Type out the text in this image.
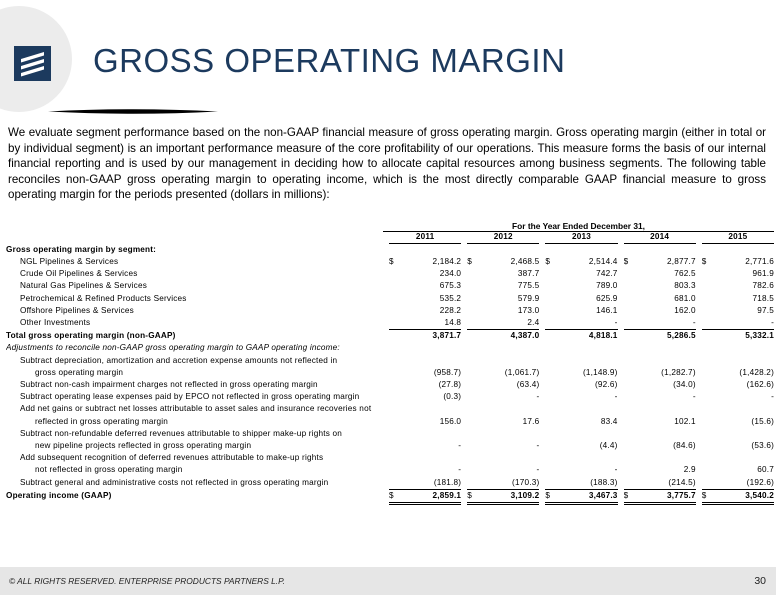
GROSS OPERATING MARGIN
We evaluate segment performance based on the non-GAAP financial measure of gross operating margin. Gross operating margin (either in total or by individual segment) is an important performance measure of the core profitability of our operations. This measure forms the basis of our internal financial reporting and is used by our management in deciding how to allocate capital resources among business segments. The following table reconciles non-GAAP gross operating margin to operating income, which is the most directly comparable GAAP financial measure to gross operating margin for the periods presented (dollars in millions):
For the Year Ended December 31,
		2011			2012			2013			2014			2015	
Gross operating margin by segment:															
NGL Pipelines & Services		$	2,184.2		$	2,468.5		$	2,514.4		$	2,877.7		$	2,771.6
Crude Oil Pipelines & Services			234.0			387.7			742.7			762.5			961.9
Natural Gas Pipelines & Services			675.3			775.5			789.0			803.3			782.6
Petrochemical & Refined Products Services			535.2			579.9			625.9			681.0			718.5
Offshore Pipelines & Services			228.2			173.0			146.1			162.0			97.5
Other Investments			14.8			2.4			-			-			-
Total gross operating margin (non-GAAP)			3,871.7			4,387.0			4,818.1			5,286.5			5,332.1
Adjustments to reconcile non-GAAP gross operating margin to GAAP operating income:															
Subtract depreciation, amortization and accretion expense amounts not reflected in															
gross operating margin			(958.7)			(1,061.7)			(1,148.9)			(1,282.7)			(1,428.2)
Subtract non-cash impairment charges not reflected in gross operating margin			(27.8)			(63.4)			(92.6)			(34.0)			(162.6)
Subtract operating lease expenses paid by EPCO not reflected in gross operating margin			(0.3)			-			-			-			-
Add net gains or subtract net losses attributable to asset sales and insurance recoveries not															
reflected in gross operating margin			156.0			17.6			83.4			102.1			(15.6)
Subtract non-refundable deferred revenues attributable to shipper make-up rights on															
new pipeline projects reflected in gross operating margin			-			-			(4.4)			(84.6)			(53.6)
Add subsequent recognition of deferred revenues attributable to make-up rights															
not reflected in gross operating margin			-			-			-			2.9			60.7
Subtract general and administrative costs not reflected in gross operating margin			(181.8)			(170.3)			(188.3)			(214.5)			(192.6)
Operating income (GAAP)		$	2,859.1		$	3,109.2		$	3,467.3		$	3,775.7		$	3,540.2
© ALL RIGHTS RESERVED. ENTERPRISE PRODUCTS PARTNERS L.P.	30
